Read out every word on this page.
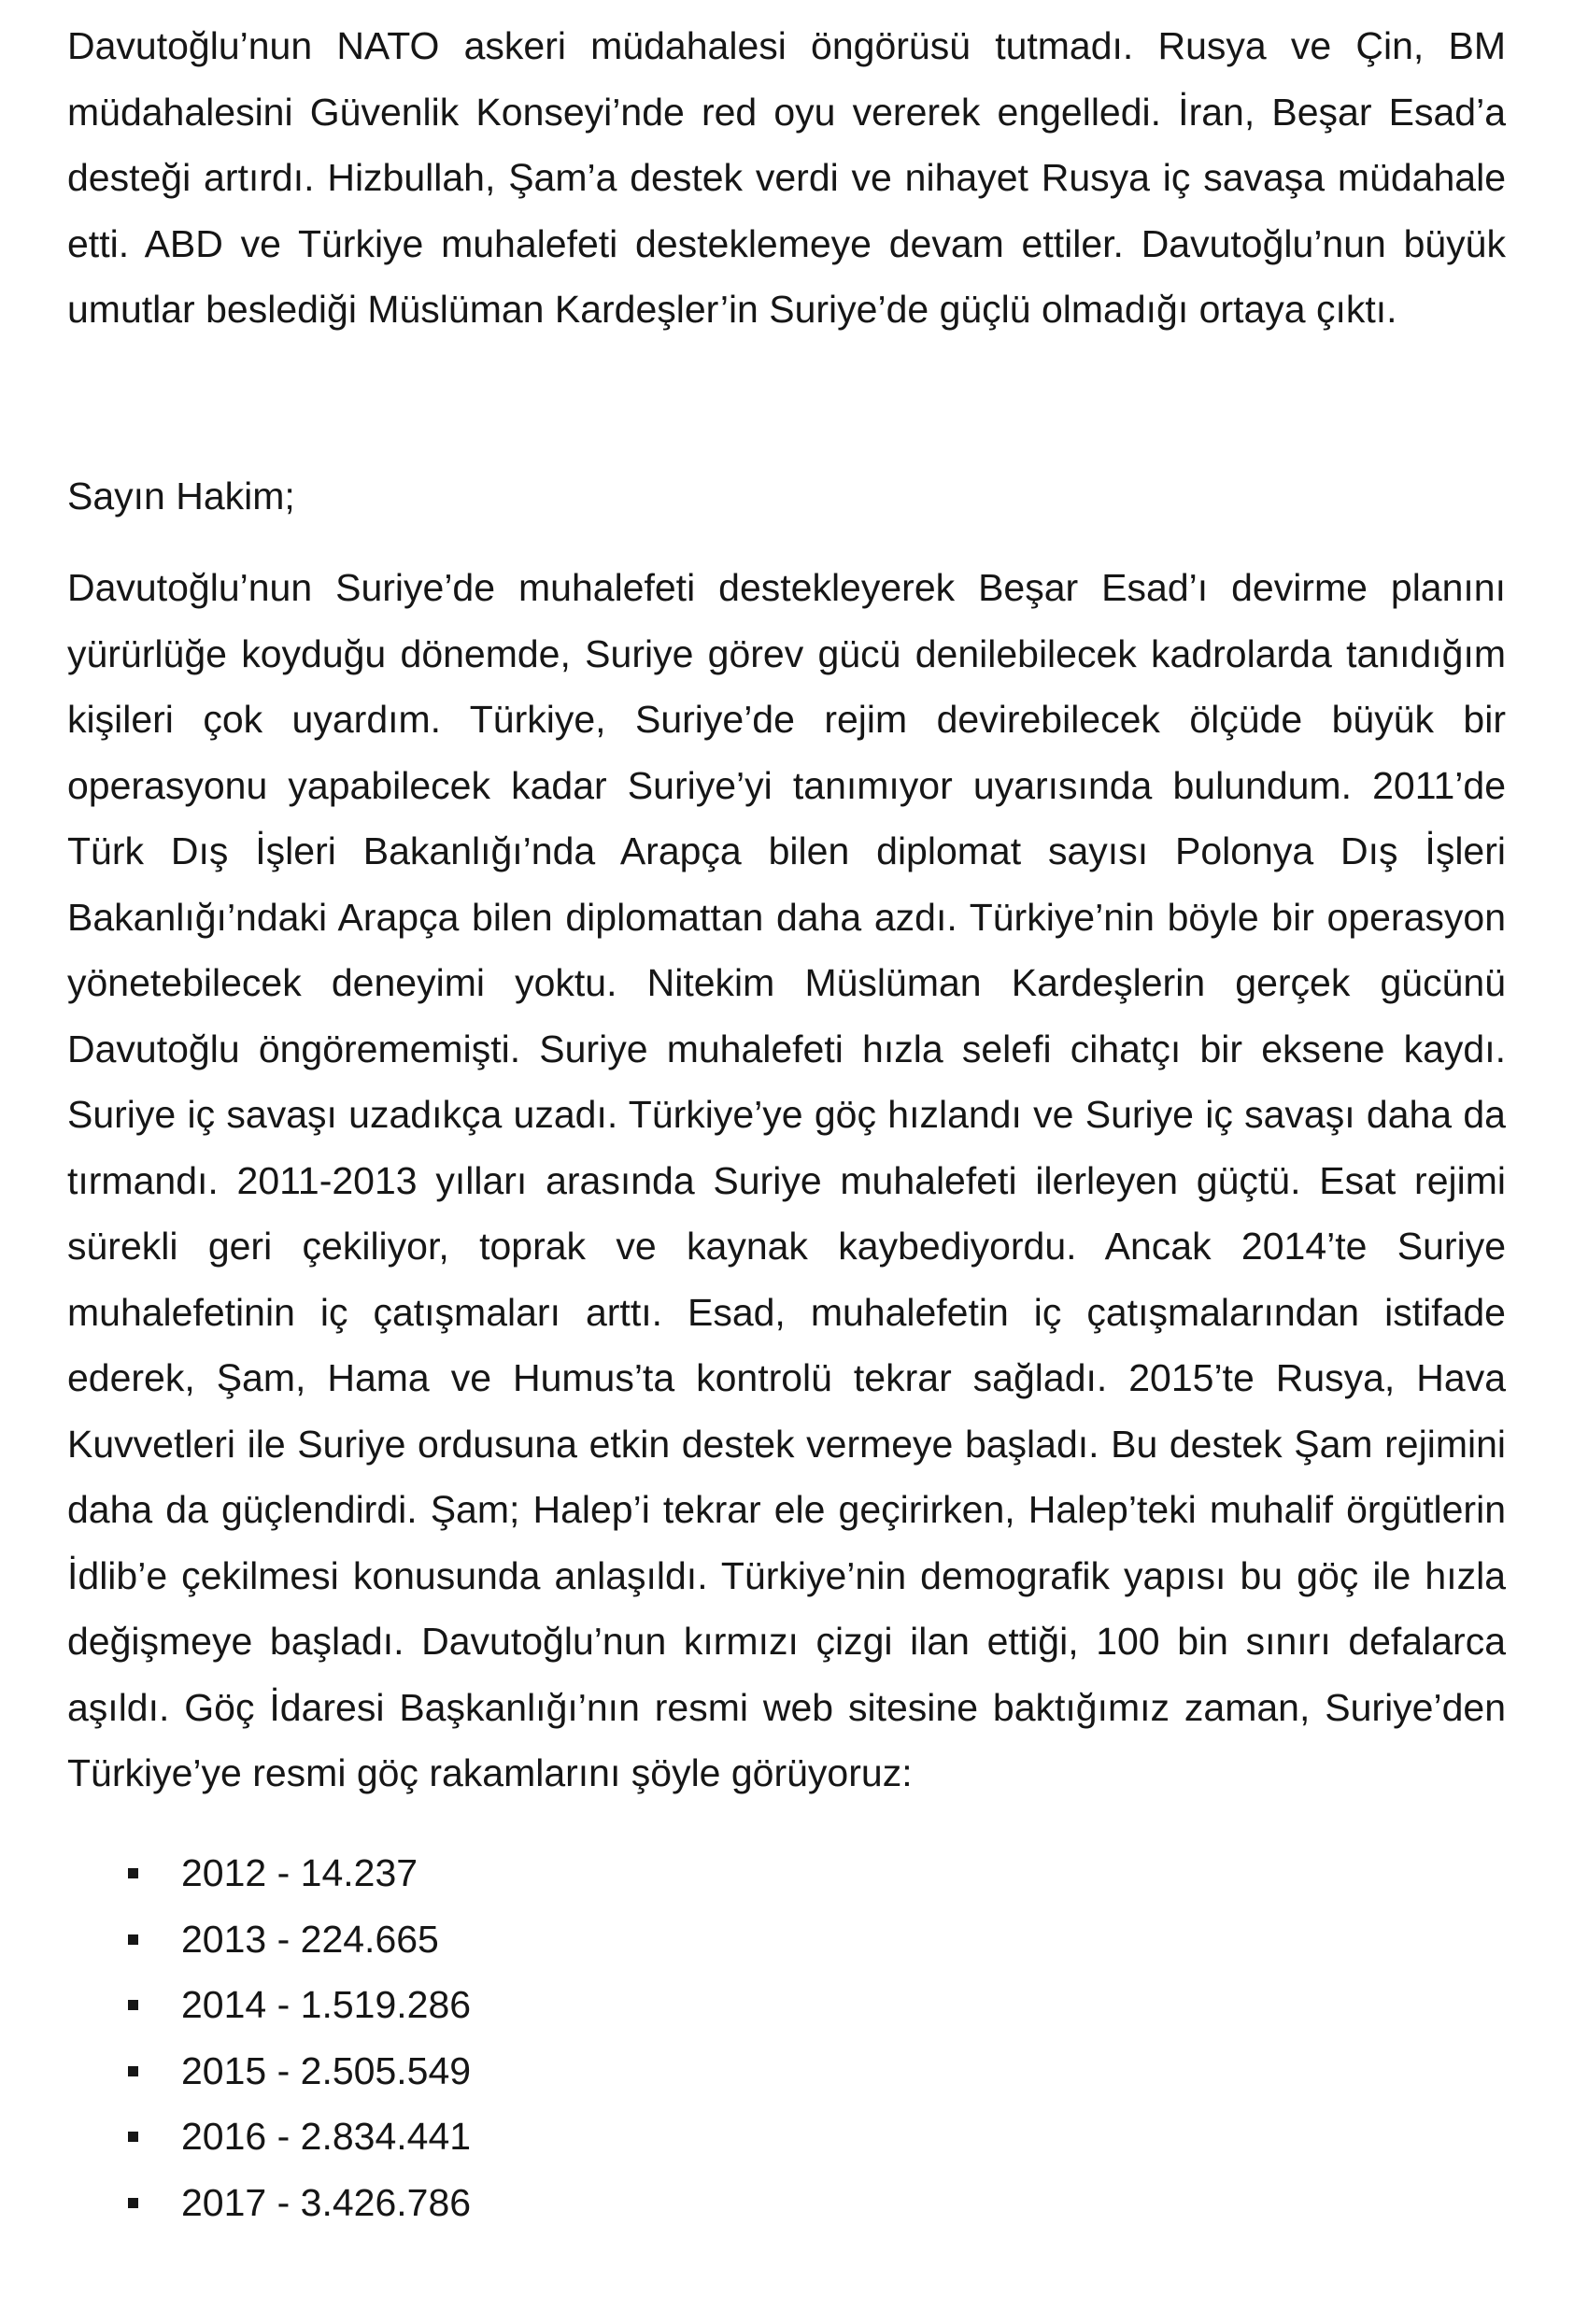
Davutoğlu’nun NATO askeri müdahalesi öngörüsü tutmadı. Rusya ve Çin, BM müdahalesini Güvenlik Konseyi’nde red oyu vererek engelledi. İran, Beşar Esad’a desteği artırdı. Hizbullah, Şam’a destek verdi ve nihayet Rusya iç savaşa müdahale etti. ABD ve Türkiye muhalefeti desteklemeye devam ettiler. Davutoğlu’nun büyük umutlar beslediği Müslüman Kardeşler’in Suriye’de güçlü olmadığı ortaya çıktı.

Sayın Hakim;

Davutoğlu’nun Suriye’de muhalefeti destekleyerek Beşar Esad’ı devirme planını yürürlüğe koyduğu dönemde, Suriye görev gücü denilebilecek kadrolarda tanıdığım kişileri çok uyardım. Türkiye, Suriye’de rejim devirebilecek ölçüde büyük bir operasyonu yapabilecek kadar Suriye’yi tanımıyor uyarısında bulundum. 2011’de Türk Dış İşleri Bakanlığı’nda Arapça bilen diplomat sayısı Polonya Dış İşleri Bakanlığı’ndaki Arapça bilen diplomattan daha azdı. Türkiye’nin böyle bir operasyon yönetebilecek deneyimi yoktu. Nitekim Müslüman Kardeşlerin gerçek gücünü Davutoğlu öngörememişti. Suriye muhalefeti hızla selefi cihatçı bir eksene kaydı. Suriye iç savaşı uzadıkça uzadı. Türkiye’ye göç hızlandı ve Suriye iç savaşı daha da tırmandı. 2011-2013 yılları arasında Suriye muhalefeti ilerleyen güçtü. Esat rejimi sürekli geri çekiliyor, toprak ve kaynak kaybediyordu. Ancak 2014’te Suriye muhalefetinin iç çatışmaları arttı. Esad, muhalefetin iç çatışmalarından istifade ederek, Şam, Hama ve Humus’ta kontrolü tekrar sağladı. 2015’te Rusya, Hava Kuvvetleri ile Suriye ordusuna etkin destek vermeye başladı. Bu destek Şam rejimini daha da güçlendirdi. Şam; Halep’i tekrar ele geçirirken, Halep’teki muhalif örgütlerin İdlib’e çekilmesi konusunda anlaşıldı. Türkiye’nin demografik yapısı bu göç ile hızla değişmeye başladı. Davutoğlu’nun kırmızı çizgi ilan ettiği, 100 bin sınırı defalarca aşıldı. Göç İdaresi Başkanlığı’nın resmi web sitesine baktığımız zaman, Suriye’den Türkiye’ye resmi göç rakamlarını şöyle görüyoruz:

2012 - 14.237
2013 - 224.665
2014 - 1.519.286
2015 - 2.505.549
2016 - 2.834.441
2017 - 3.426.786
